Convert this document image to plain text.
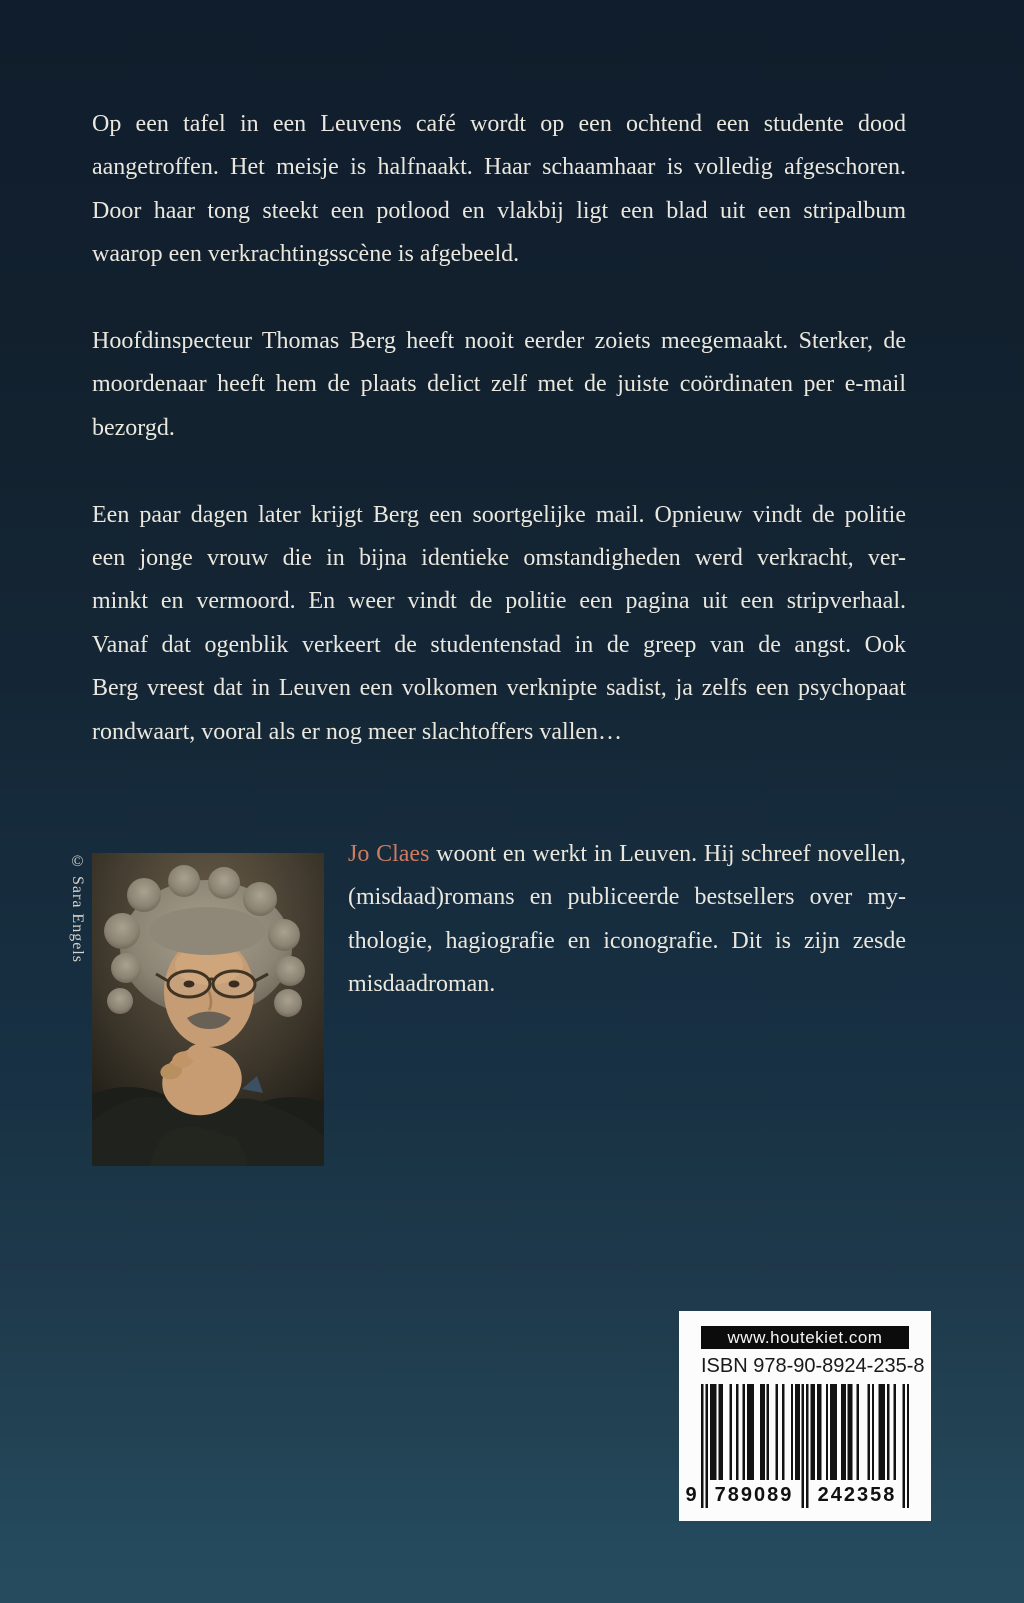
Op een tafel in een Leuvens café wordt op een ochtend een studente dood
aangetroffen. Het meisje is halfnaakt. Haar schaamhaar is volledig afgeschoren.
Door haar tong steekt een potlood en vlakbij ligt een blad uit een stripalbum
waarop een verkrachtingsscène is afgebeeld.
Hoofdinspecteur Thomas Berg heeft nooit eerder zoiets meegemaakt. Sterker, de
moordenaar heeft hem de plaats delict zelf met de juiste coördinaten per e-mail
bezorgd.
Een paar dagen later krijgt Berg een soortgelijke mail. Opnieuw vindt de politie
een jonge vrouw die in bijna identieke omstandigheden werd verkracht, ver-
minkt en vermoord. En weer vindt de politie een pagina uit een stripverhaal.
Vanaf dat ogenblik verkeert de studentenstad in de greep van de angst. Ook
Berg vreest dat in Leuven een volkomen verknipte sadist, ja zelfs een psychopaat
rondwaart, vooral als er nog meer slachtoffers vallen…
© Sara Engels	Jo Claes woont en werkt in Leuven. Hij schreef novellen,
(misdaad)romans en publiceerde bestsellers over my-
thologie, hagiografie en iconografie. Dit is zijn zesde
misdaadroman.
www.houtekiet.com
ISBN 978-90-8924-235-8
9 789089	242358
